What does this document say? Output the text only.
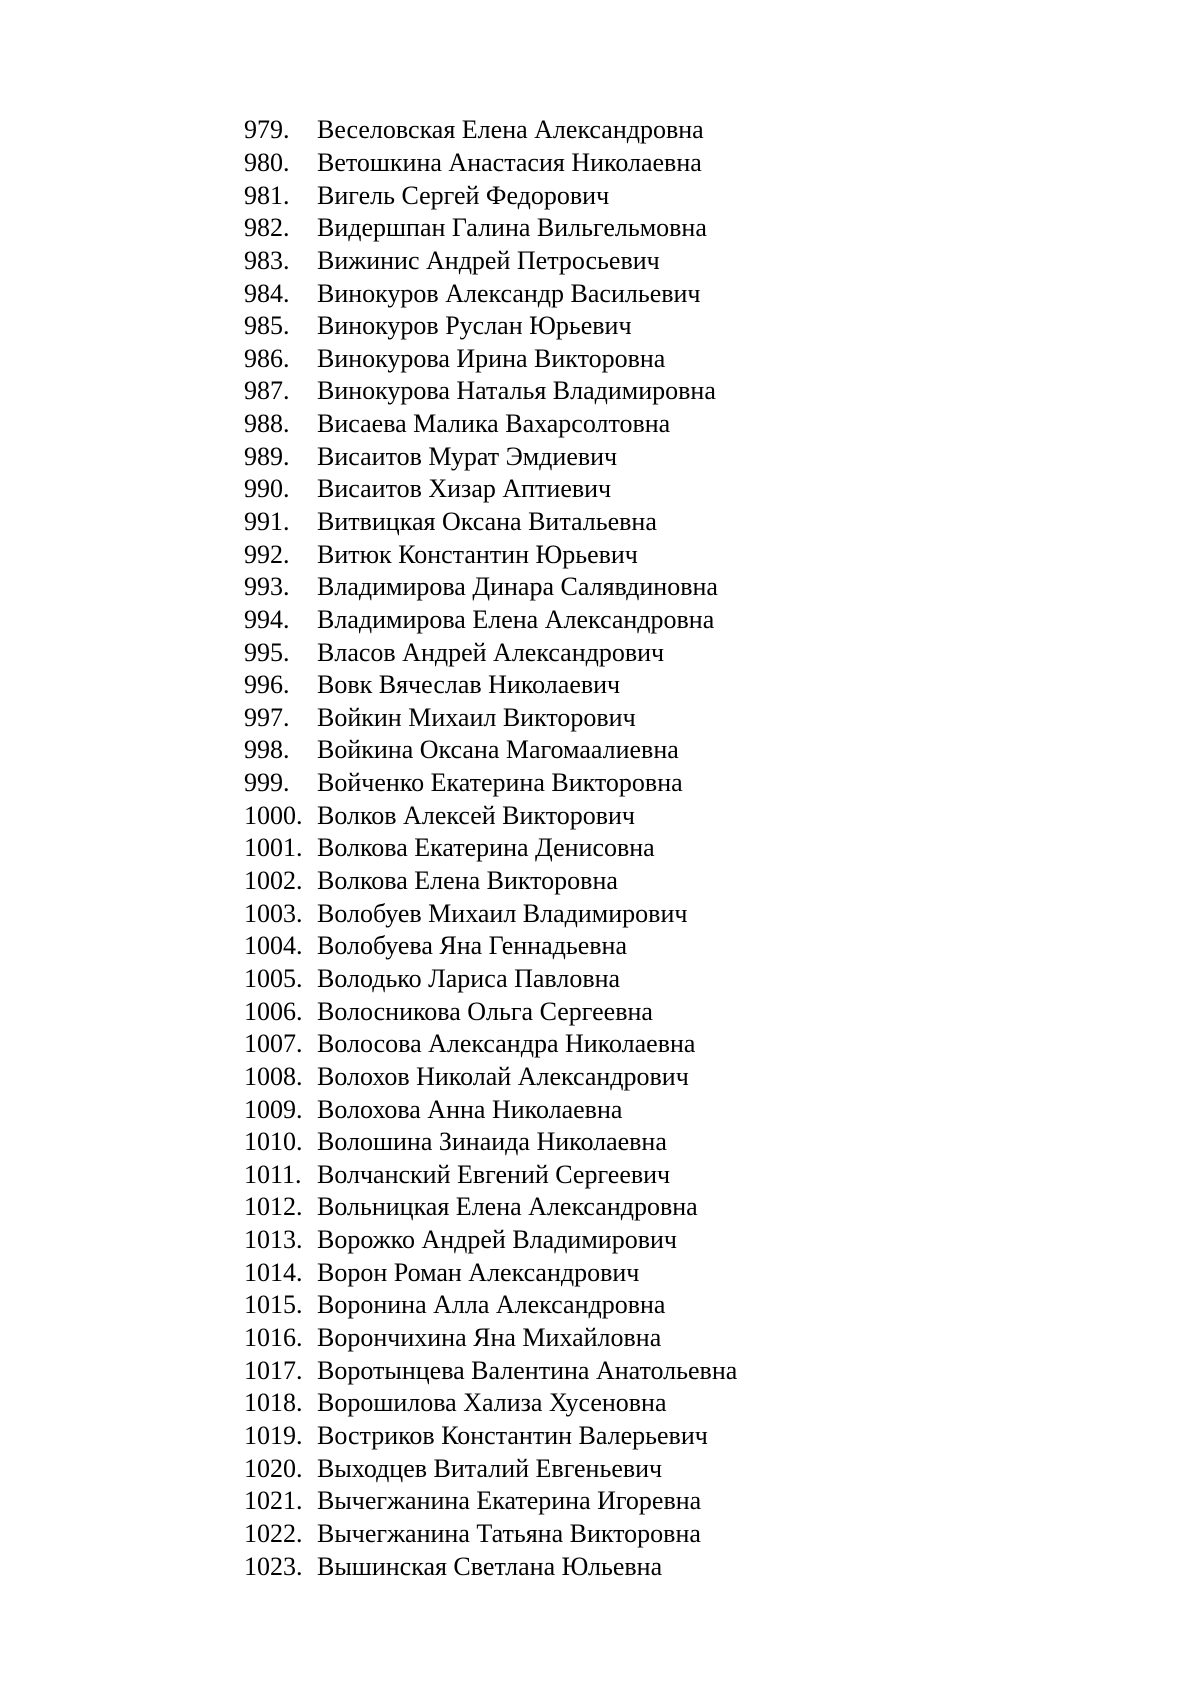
979.	Веселовская Елена Александровна
980.	Ветошкина Анастасия Николаевна
981.	Вигель Сергей Федорович
982.	Видершпан Галина Вильгельмовна
983.	Вижинис Андрей Петросьевич
984.	Винокуров Александр Васильевич
985.	Винокуров Руслан Юрьевич
986.	Винокурова Ирина Викторовна
987.	Винокурова Наталья Владимировна
988.	Висаева Малика Вахарсолтовна
989.	Висаитов Мурат Эмдиевич
990.	Висаитов Хизар Аптиевич
991.	Витвицкая Оксана Витальевна
992.	Витюк Константин Юрьевич
993.	Владимирова Динара Салявдиновна
994.	Владимирова Елена Александровна
995.	Власов Андрей Александрович
996.	Вовк Вячеслав Николаевич
997.	Войкин Михаил Викторович
998.	Войкина Оксана Магомаалиевна
999.	Войченко Екатерина Викторовна
1000. Волков Алексей Викторович
1001. Волкова Екатерина Денисовна
1002. Волкова Елена Викторовна
1003. Волобуев Михаил Владимирович
1004. Волобуева Яна Геннадьевна
1005. Володько Лариса Павловна
1006. Волосникова Ольга Сергеевна
1007. Волосова Александра Николаевна
1008. Волохов Николай Александрович
1009. Волохова Анна Николаевна
1010. Волошина Зинаида Николаевна
1011. Волчанский Евгений Сергеевич
1012. Вольницкая Елена Александровна
1013. Ворожко Андрей Владимирович
1014. Ворон Роман Александрович
1015. Воронина Алла Александровна
1016. Ворончихина Яна Михайловна
1017. Воротынцева Валентина Анатольевна
1018. Ворошилова Хализа Хусеновна
1019. Востриков Константин Валерьевич
1020. Выходцев Виталий Евгеньевич
1021. Вычегжанина Екатерина Игоревна
1022. Вычегжанина Татьяна Викторовна
1023. Вышинская Светлана Юльевна
